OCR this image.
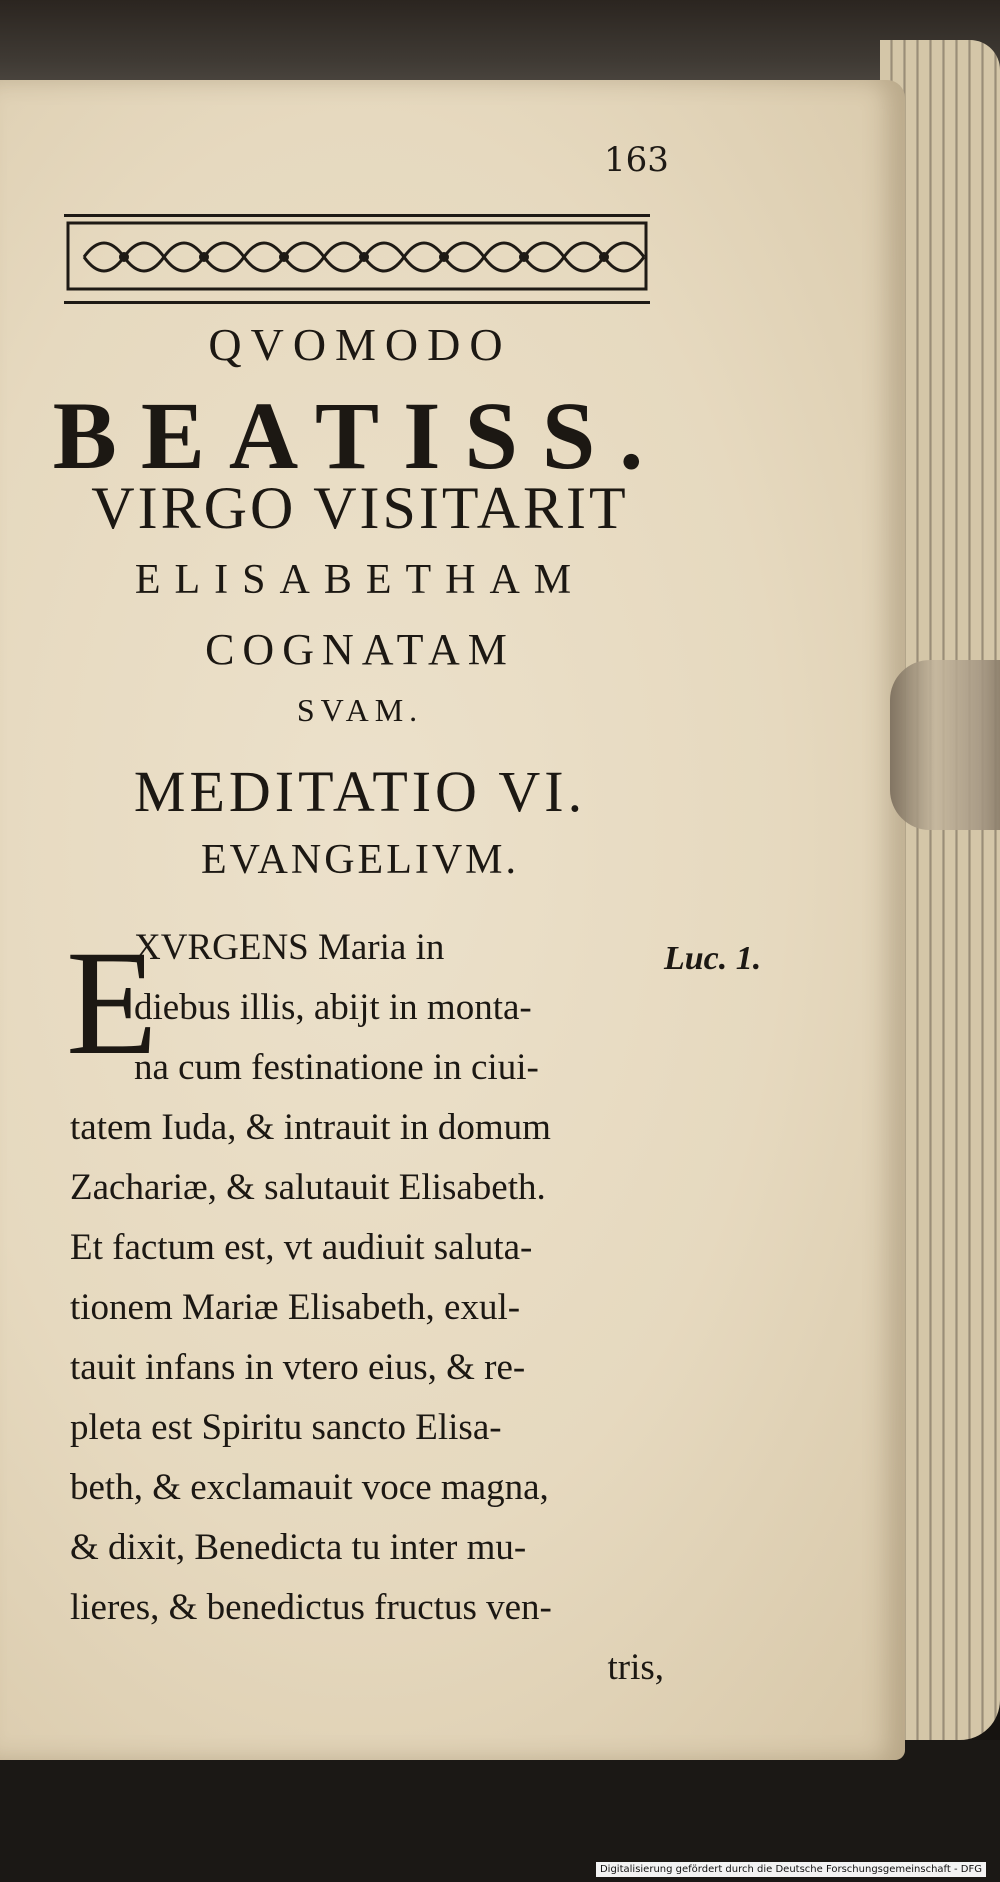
163
QVOMODO
BEATISS.
VIRGO VISITARIT
ELISABETHAM
COGNATAM
SVAM.
MEDITATIO VI.
EVANGELIVM.
Luc. 1.
E
XVRGENS Maria in
diebus illis, abijt in monta-
na cum festinatione in ciui-
tatem Iuda, & intrauit in domum
Zachariæ, & salutauit Elisabeth.
Et factum est, vt audiuit saluta-
tionem Mariæ Elisabeth, exul-
tauit infans in vtero eius, & re-
pleta est Spiritu sancto Elisa-
beth, & exclamauit voce magna,
& dixit, Benedicta tu inter mu-
lieres, & benedictus fructus ven-
tris,
Digitalisierung gefördert durch die Deutsche Forschungsgemeinschaft - DFG
